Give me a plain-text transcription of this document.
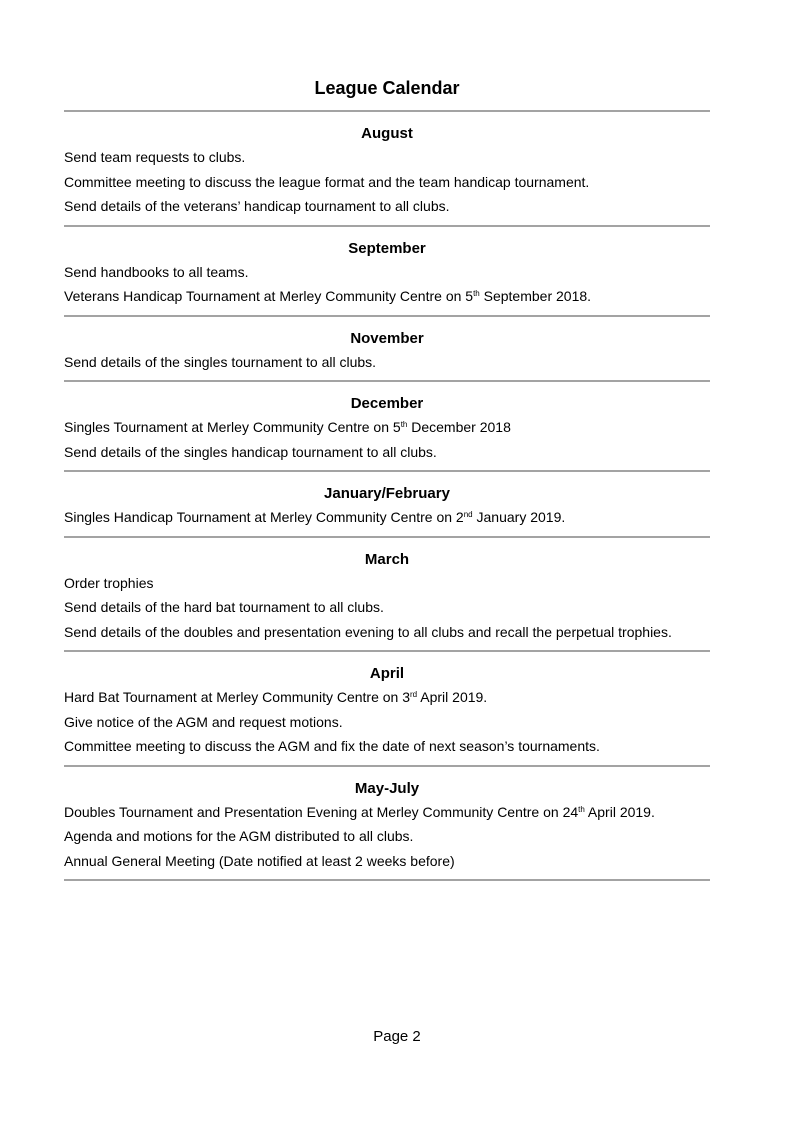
League Calendar
August
Send team requests to clubs.
Committee meeting to discuss the league format and the team handicap tournament.
Send details of the veterans’ handicap tournament to all clubs.
September
Send handbooks to all teams.
Veterans Handicap Tournament at Merley Community Centre on 5th September 2018.
November
Send details of the singles tournament to all clubs.
December
Singles Tournament at Merley Community Centre on 5th December 2018
Send details of the singles handicap tournament to all clubs.
January/February
Singles Handicap Tournament at Merley Community Centre on 2nd January 2019.
March
Order trophies
Send details of the hard bat tournament to all clubs.
Send details of the doubles and presentation evening to all clubs and recall the perpetual trophies.
April
Hard Bat Tournament at Merley Community Centre on 3rd April 2019.
Give notice of the AGM and request motions.
Committee meeting to discuss the AGM and fix the date of next season’s tournaments.
May-July
Doubles Tournament and Presentation Evening at Merley Community Centre on 24th April 2019.
Agenda and motions for the AGM distributed to all clubs.
Annual General Meeting (Date notified at least 2 weeks before)
Page 2
